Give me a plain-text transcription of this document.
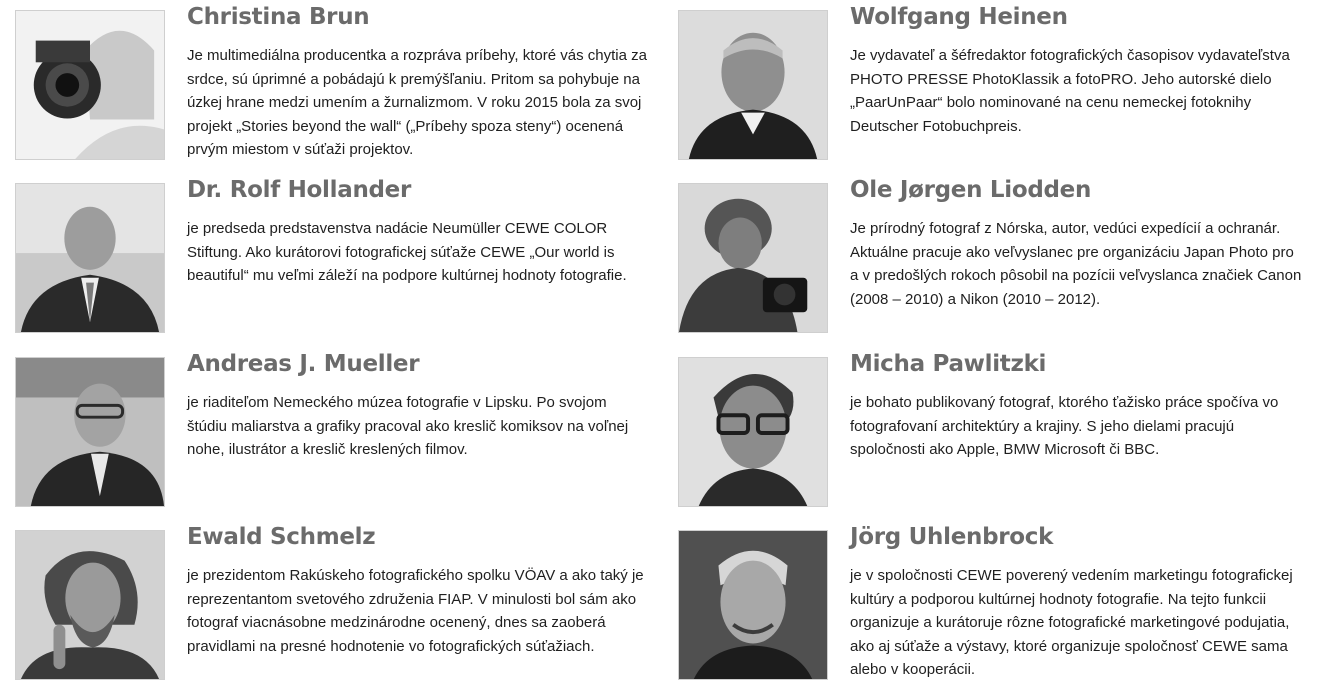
Christina Brun

Je multimediálna producentka a rozpráva príbehy, ktoré vás chytia za srdce, sú úprimné a pobádajú k premýšľaniu. Pritom sa pohybuje na úzkej hrane medzi umením a žurnalizmom. V roku 2015 bola za svoj projekt „Stories beyond the wall“ („Príbehy spoza steny“) ocenená prvým miestom v súťaži projektov.

Wolfgang Heinen

Je vydavateľ a šéfredaktor fotografických časopisov vydavateľstva PHOTO PRESSE PhotoKlassik a fotoPRO. Jeho autorské dielo „PaarUnPaar“ bolo nominované na cenu nemeckej fotoknihy Deutscher Fotobuchpreis.

Dr. Rolf Hollander

je predseda predstavenstva nadácie Neumüller CEWE COLOR Stiftung. Ako kurátorovi fotografickej súťaže CEWE „Our world is beautiful“ mu veľmi záleží na podpore kultúrnej hodnoty fotografie.

Ole Jørgen Liodden

Je prírodný fotograf z Nórska, autor, vedúci expedícií a ochranár. Aktuálne pracuje ako veľvyslanec pre organizáciu Japan Photo pro a v predošlých rokoch pôsobil na pozícii veľvyslanca značiek Canon (2008 – 2010) a Nikon (2010 – 2012).

Andreas J. Mueller

je riaditeľom Nemeckého múzea fotografie v Lipsku. Po svojom štúdiu maliarstva a grafiky pracoval ako kreslič komiksov na voľnej nohe, ilustrátor a kreslič kreslených filmov.

Micha Pawlitzki

je bohato publikovaný fotograf, ktorého ťažisko práce spočíva vo fotografovaní architektúry a krajiny. S jeho dielami pracujú spoločnosti ako Apple, BMW Microsoft či BBC.

Ewald Schmelz

je prezidentom Rakúskeho fotografického spolku VÖAV a ako taký je reprezentantom svetového združenia FIAP. V minulosti bol sám ako fotograf viacnásobne medzinárodne ocenený, dnes sa zaoberá pravidlami na presné hodnotenie vo fotografických súťažiach.

Jörg Uhlenbrock

je v spoločnosti CEWE poverený vedením marketingu fotografickej kultúry a podporou kultúrnej hodnoty fotografie. Na tejto funkcii organizuje a kurátoruje rôzne fotografické marketingové podujatia, ako aj súťaže a výstavy, ktoré organizuje spoločnosť CEWE sama alebo v kooperácii.
